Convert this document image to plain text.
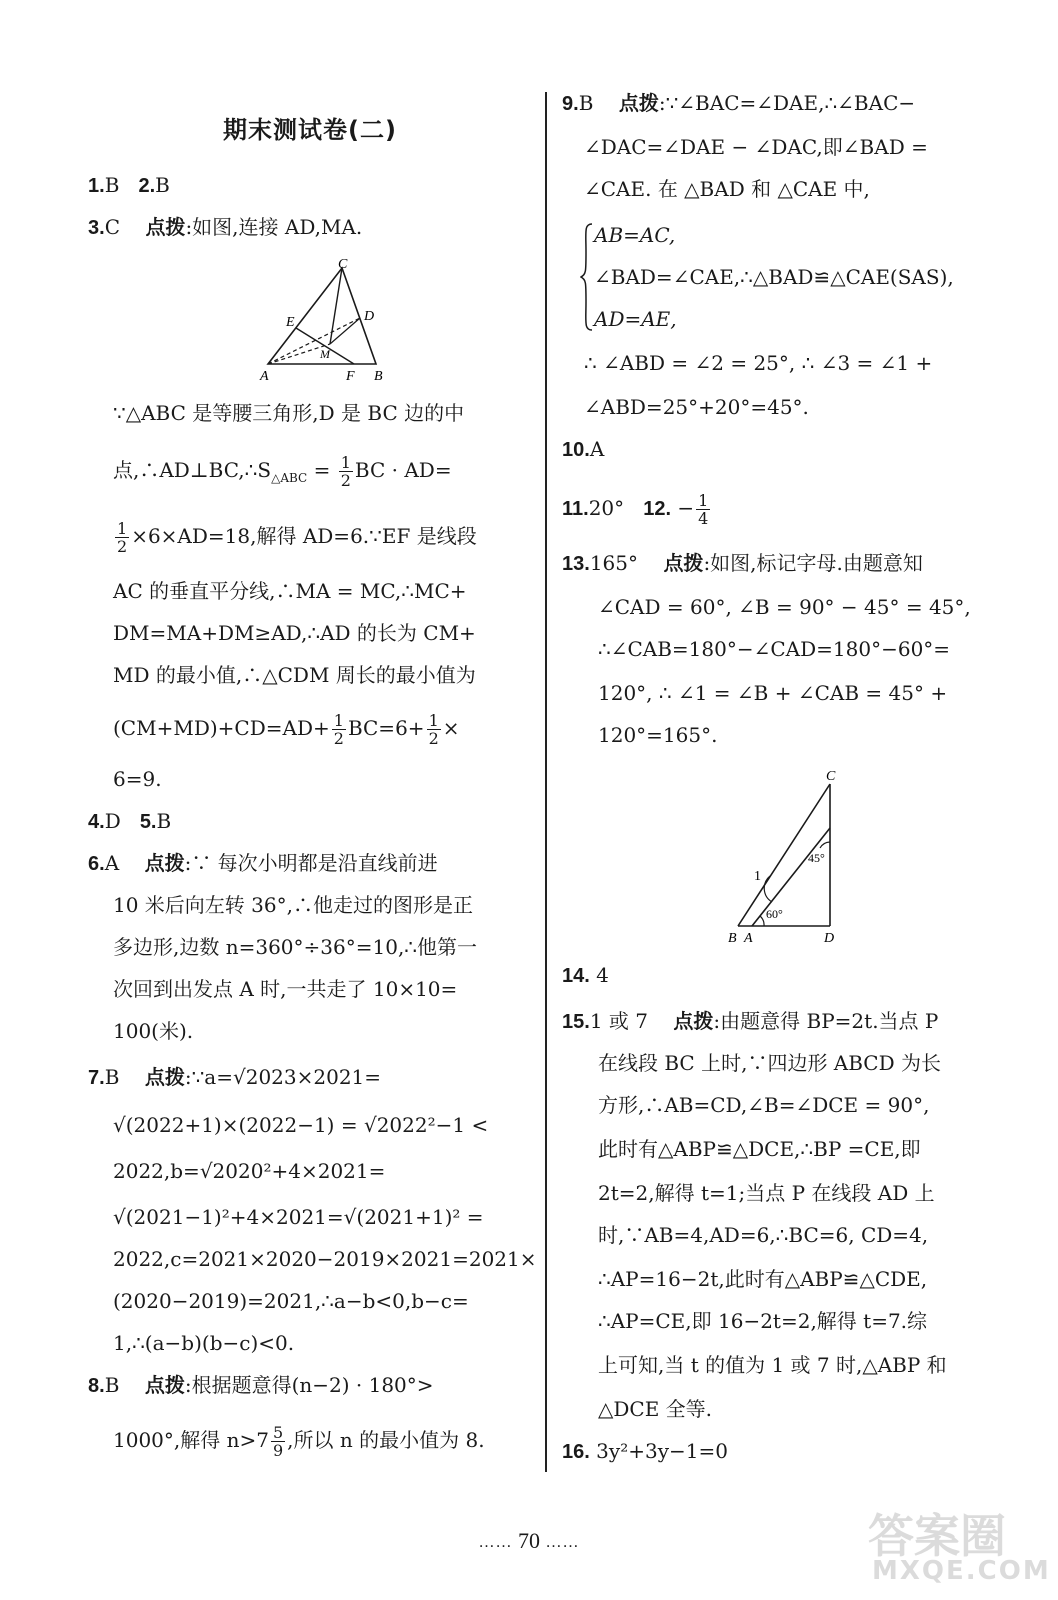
期末测试卷(二)
1.B 2.B
3.C 点拨:如图,连接 AD,MA.
C
E	D
M
A	F B
∵△ABC 是等腰三角形,D 是 BC 边的中
点$,\therefore AD\perp BC,\therefore S_{\triangle ABC} = \frac{1}{2}$ BC · AD=
$\frac{1}{2} \times 6\times AD=18$,解得 AD=6.∵EF 是线段
AC 的垂直平分线,∴MA = MC,∴MC+
DM=MA+DM≥AD,∴AD 的长为 CM+
MD 的最小值,∴△CDM 周长的最小值为
$(CM+MD)+CD=AD+ \frac{1}{2} BC=6+ \frac{1}{2}$ ×
6=9.
4.D 5.B
6.A 点拨:∵ 每次小明都是沿直线前进
10 米后向左转 36°,∴他走过的图形是正
多边形,边数 n=360°÷36°=10,∴他第一
次回到出发点 A 时,一共走了 10×10=
100(米).
7.B 点拨:∵a=√2023×2021=
√(2022+1)×(2022−1) = √2022²−1 <
2022,b=√2020²+4×2021=
√(2021−1)²+4×2021=√(2021+1)² =
2022,c=2021×2020−2019×2021=2021×
(2020−2019)=2021,∴a−b<0,b−c=
1,∴(a−b)(b−c)<0.
8.B 点拨:根据题意得(n−2) · 180°>
1000°,解得 $n>7 \frac{5}{9}$ ,所以 n 的最小值为 8.
9.B 点拨:∵∠BAC=∠DAE,∴∠BAC−
∠DAC=∠DAE − ∠DAC,即∠BAD =
∠CAE. 在 △BAD 和 △CAE 中,
AB=AC,
∠BAD=∠CAE,∴△BAD≌△CAE(SAS),
AD=AE,
∴ ∠ABD = ∠2 = 25°, ∴ ∠3 = ∠1 +
∠ABD=25°+20°=45°.
10.A
11.20° 12. − $\frac{1}{4}$
13.165° 点拨:如图,标记字母.由题意知
∠CAD = 60°, ∠B = 90° − 45° = 45°,
∴∠CAB=180°−∠CAD=180°−60°=
120°, ∴ ∠1 = ∠B + ∠CAB = 45° +
120°=165°.
C
45°
1
60°
B A	D
14. 4
15.1 或 7 点拨:由题意得 BP=2t.当点 P
在线段 BC 上时,∵四边形 ABCD 为长
方形,∴AB=CD,∠B=∠DCE = 90°,
此时有△ABP≌△DCE,∴BP =CE,即
2t=2,解得 t=1;当点 P 在线段 AD 上
时,∵AB=4,AD=6,∴BC=6, CD=4,
∴AP=16−2t,此时有△ABP≌△CDE,
∴AP=CE,即 16−2t=2,解得 t=7.综
上可知,当 t 的值为 1 或 7 时,△ABP 和
△DCE 全等.
16. 3y²+3y−1=0
…… 70 ……	答案圈
MXQE.COM
